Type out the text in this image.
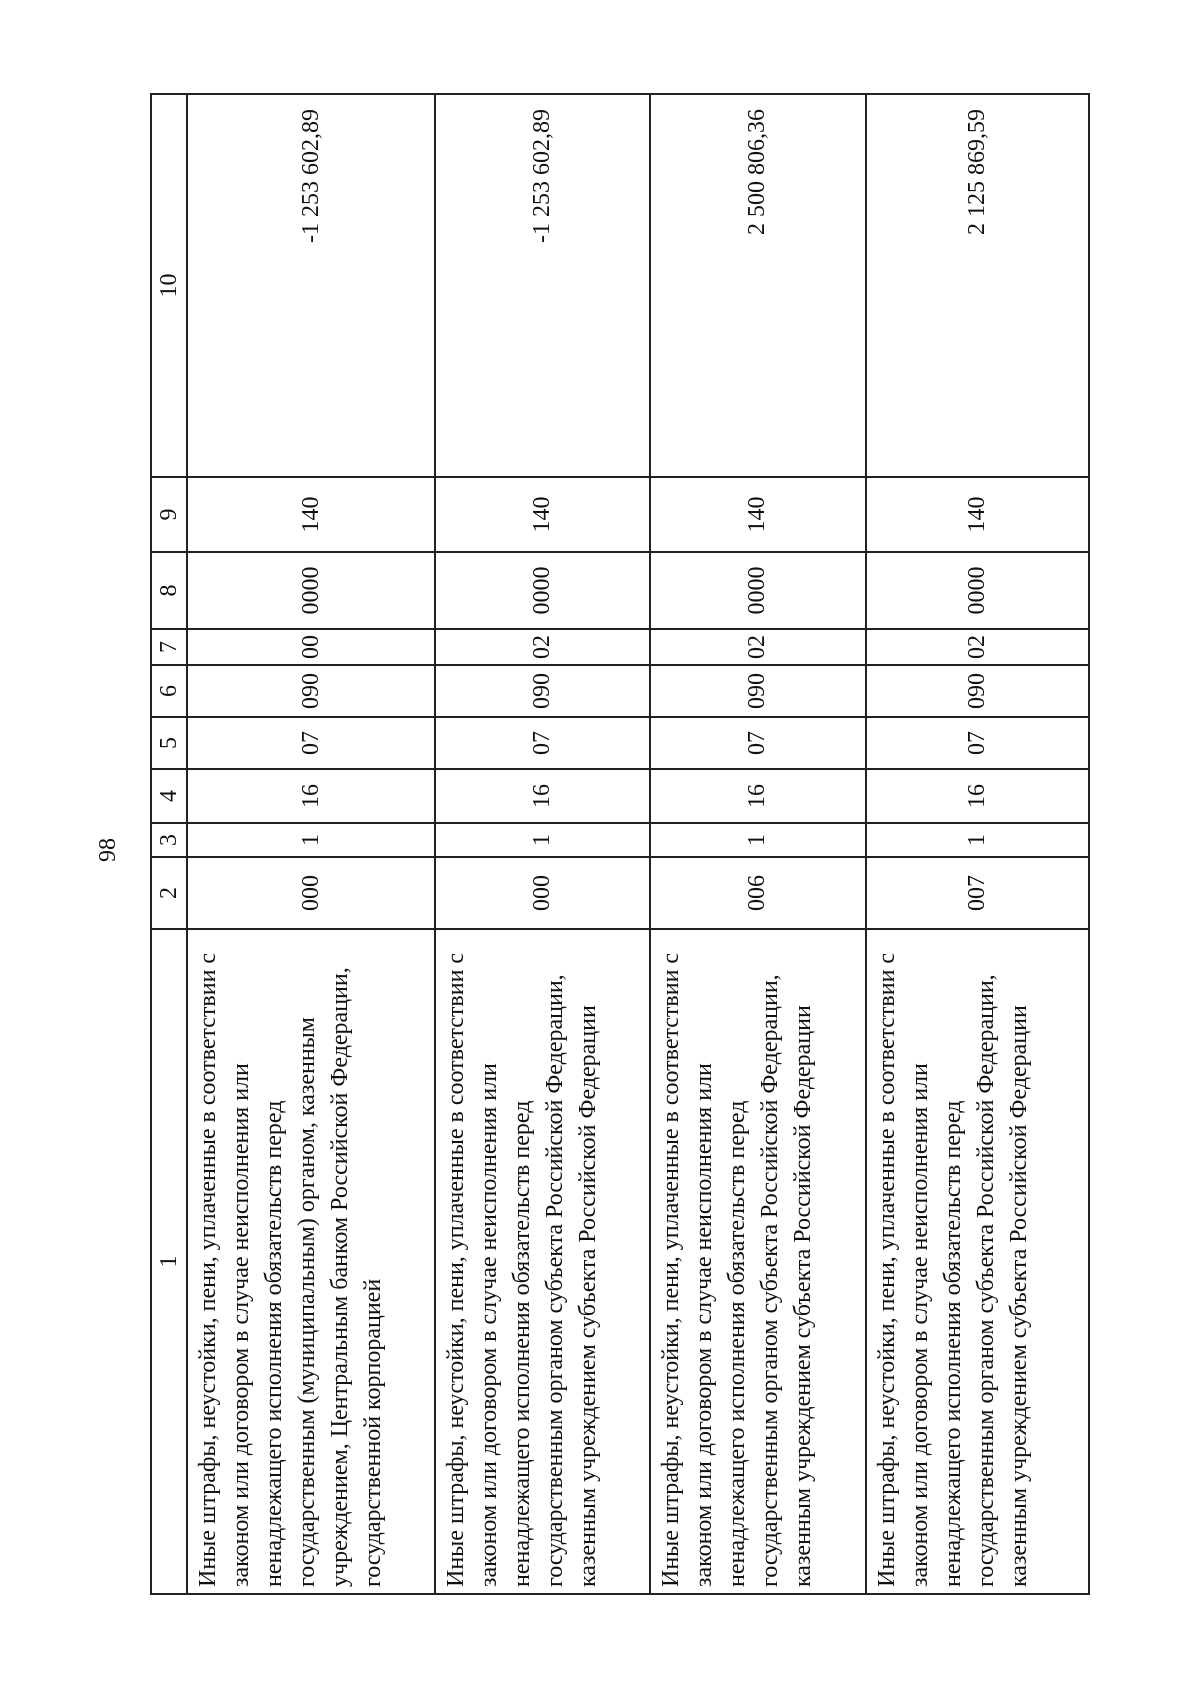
98
1	2	3	4	5	6	7	8	9	10
Иные штрафы, неустойки, пени, уплаченные в соответствии с законом или договором в случае неисполнения или ненадлежащего исполнения обязательств перед государственным (муниципальным) органом, казенным учреждением, Центральным банком Российской Федерации, государственной корпорацией	000	1	16	07	090	00	0000	140	-1 253 602,89
Иные штрафы, неустойки, пени, уплаченные в соответствии с законом или договором в случае неисполнения или ненадлежащего исполнения обязательств перед государственным органом субъекта Российской Федерации, казенным учреждением субъекта Российской Федерации	000	1	16	07	090	02	0000	140	-1 253 602,89
Иные штрафы, неустойки, пени, уплаченные в соответствии с законом или договором в случае неисполнения или ненадлежащего исполнения обязательств перед государственным органом субъекта Российской Федерации, казенным учреждением субъекта Российской Федерации	006	1	16	07	090	02	0000	140	2 500 806,36
Иные штрафы, неустойки, пени, уплаченные в соответствии с законом или договором в случае неисполнения или ненадлежащего исполнения обязательств перед государственным органом субъекта Российской Федерации, казенным учреждением субъекта Российской Федерации	007	1	16	07	090	02	0000	140	2 125 869,59
